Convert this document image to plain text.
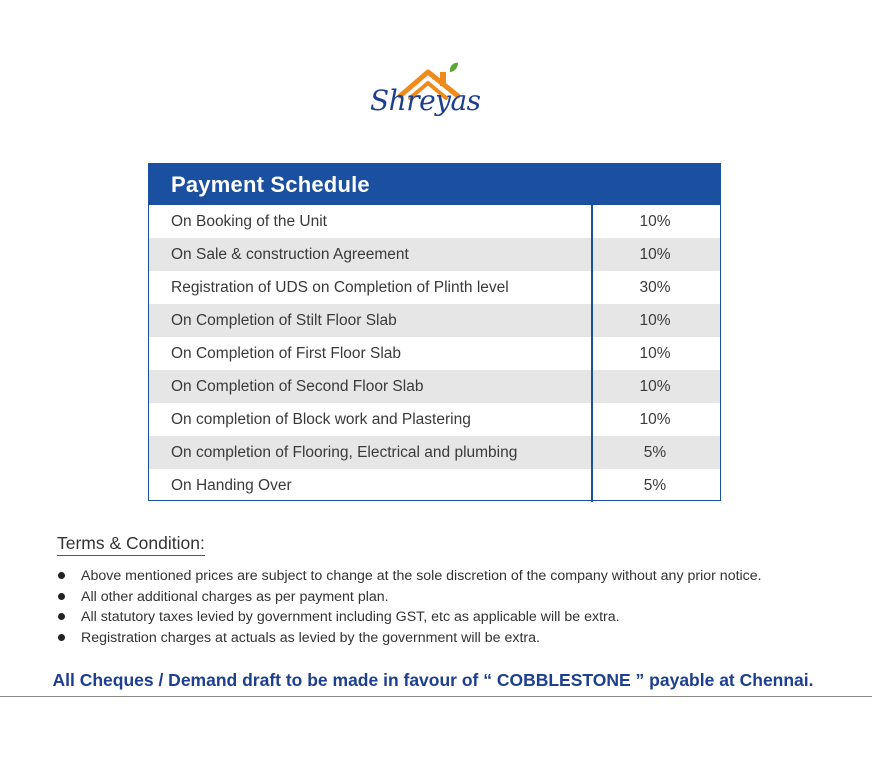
Shreyas
Payment Schedule
On Booking of the Unit	10%
On Sale & construction Agreement	10%
Registration of UDS on Completion of Plinth level	30%
On Completion of Stilt Floor Slab	10%
On Completion of First Floor Slab	10%
On Completion of Second Floor Slab	10%
On completion of Block work and Plastering	10%
On completion of Flooring, Electrical and plumbing	5%
On Handing Over	5%
Terms & Condition:
Above mentioned prices are subject to change at the sole discretion of the company without any prior notice.
All other additional charges as per payment plan.
All statutory taxes levied by government including GST, etc as applicable will be extra.
Registration charges at actuals as levied by the government will be extra.
All Cheques / Demand draft to be made in favour of “ COBBLESTONE ” payable at Chennai.
